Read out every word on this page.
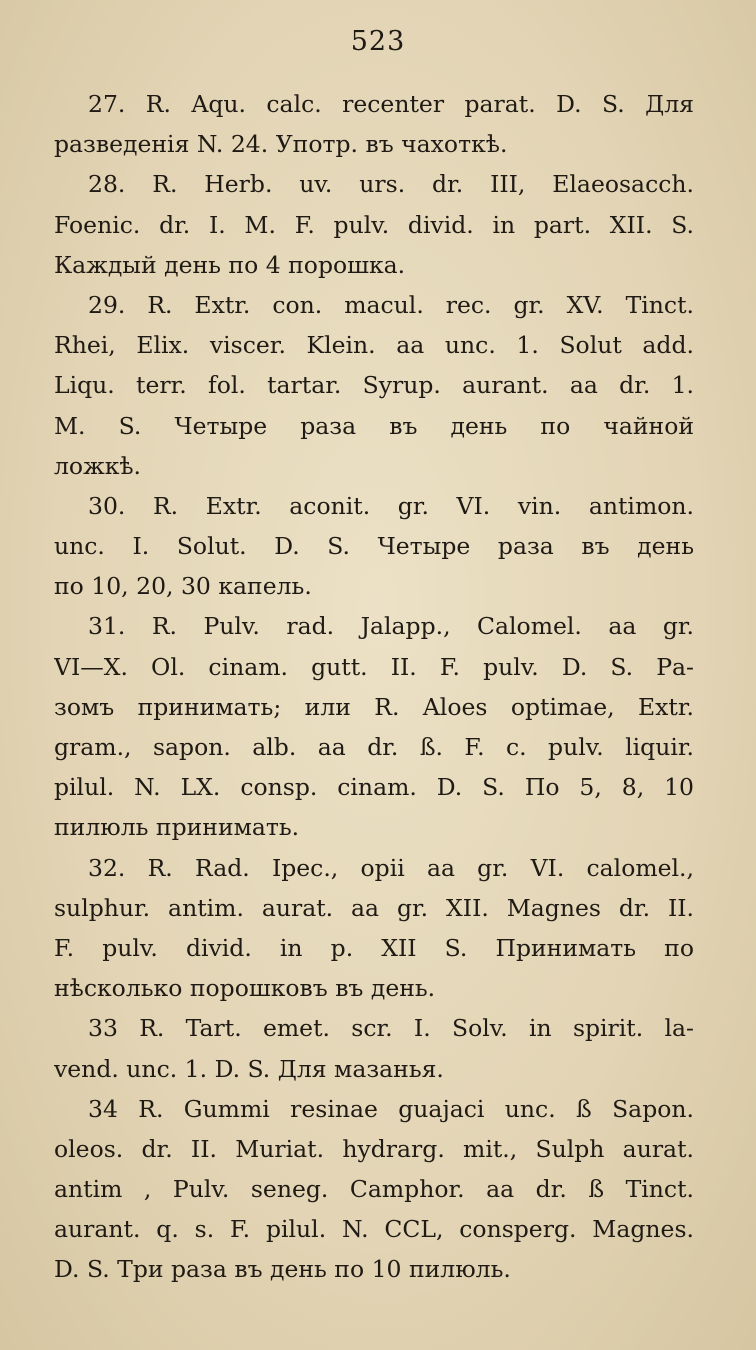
523
27. R. Aqu. calc. recenter parat. D. S. Для
разведенія N. 24. Употр. въ чахоткѣ.
28. R. Herb. uv. urs. dr. III, Elaeosacch.
Foenic. dr. I. M. F. pulv. divid. in part. XII. S.
Каждый день по 4 порошка.
29. R. Extr. con. macul. rec. gr. XV. Tinct.
Rhei, Elix. viscer. Klein. aa unc. 1. Solut add.
Liqu. terr. fol. tartar. Syrup. aurant. aa dr. 1.
M. S. Четыре раза въ день по чайной
ложкѣ.
30. R. Extr. aconit. gr. VI. vin. antimon.
unc. I. Solut. D. S. Четыре раза въ день
по 10, 20, 30 капель.
31. R. Pulv. rad. Jalapp., Calomel. aa gr.
VI—X. Ol. cinam. gutt. II. F. pulv. D. S. Ра-
зомъ принимать; или R. Aloes optimae, Extr.
gram., sapon. alb. aa dr. ß. F. c. pulv. liquir.
pilul. N. LX. consp. cinam. D. S. По 5, 8, 10
пилюль принимать.
32. R. Rad. Ipec., opii aa gr. VI. calomel.,
sulphur. antim. aurat. aa gr. XII. Magnes dr. II.
F. pulv. divid. in p. XII S. Принимать по
нѣсколько порошковъ въ день.
33 R. Tart. emet. scr. I. Solv. in spirit. la-
vend. unc. 1. D. S. Для мазанья.
34 R. Gummi resinae guajaci unc. ß Sapon.
oleos. dr. II. Muriat. hydrarg. mit., Sulph aurat.
antim , Pulv. seneg. Camphor. aa dr. ß Tinct.
aurant. q. s. F. pilul. N. CCL, consperg. Magnes.
D. S. Три раза въ день по 10 пилюль.
